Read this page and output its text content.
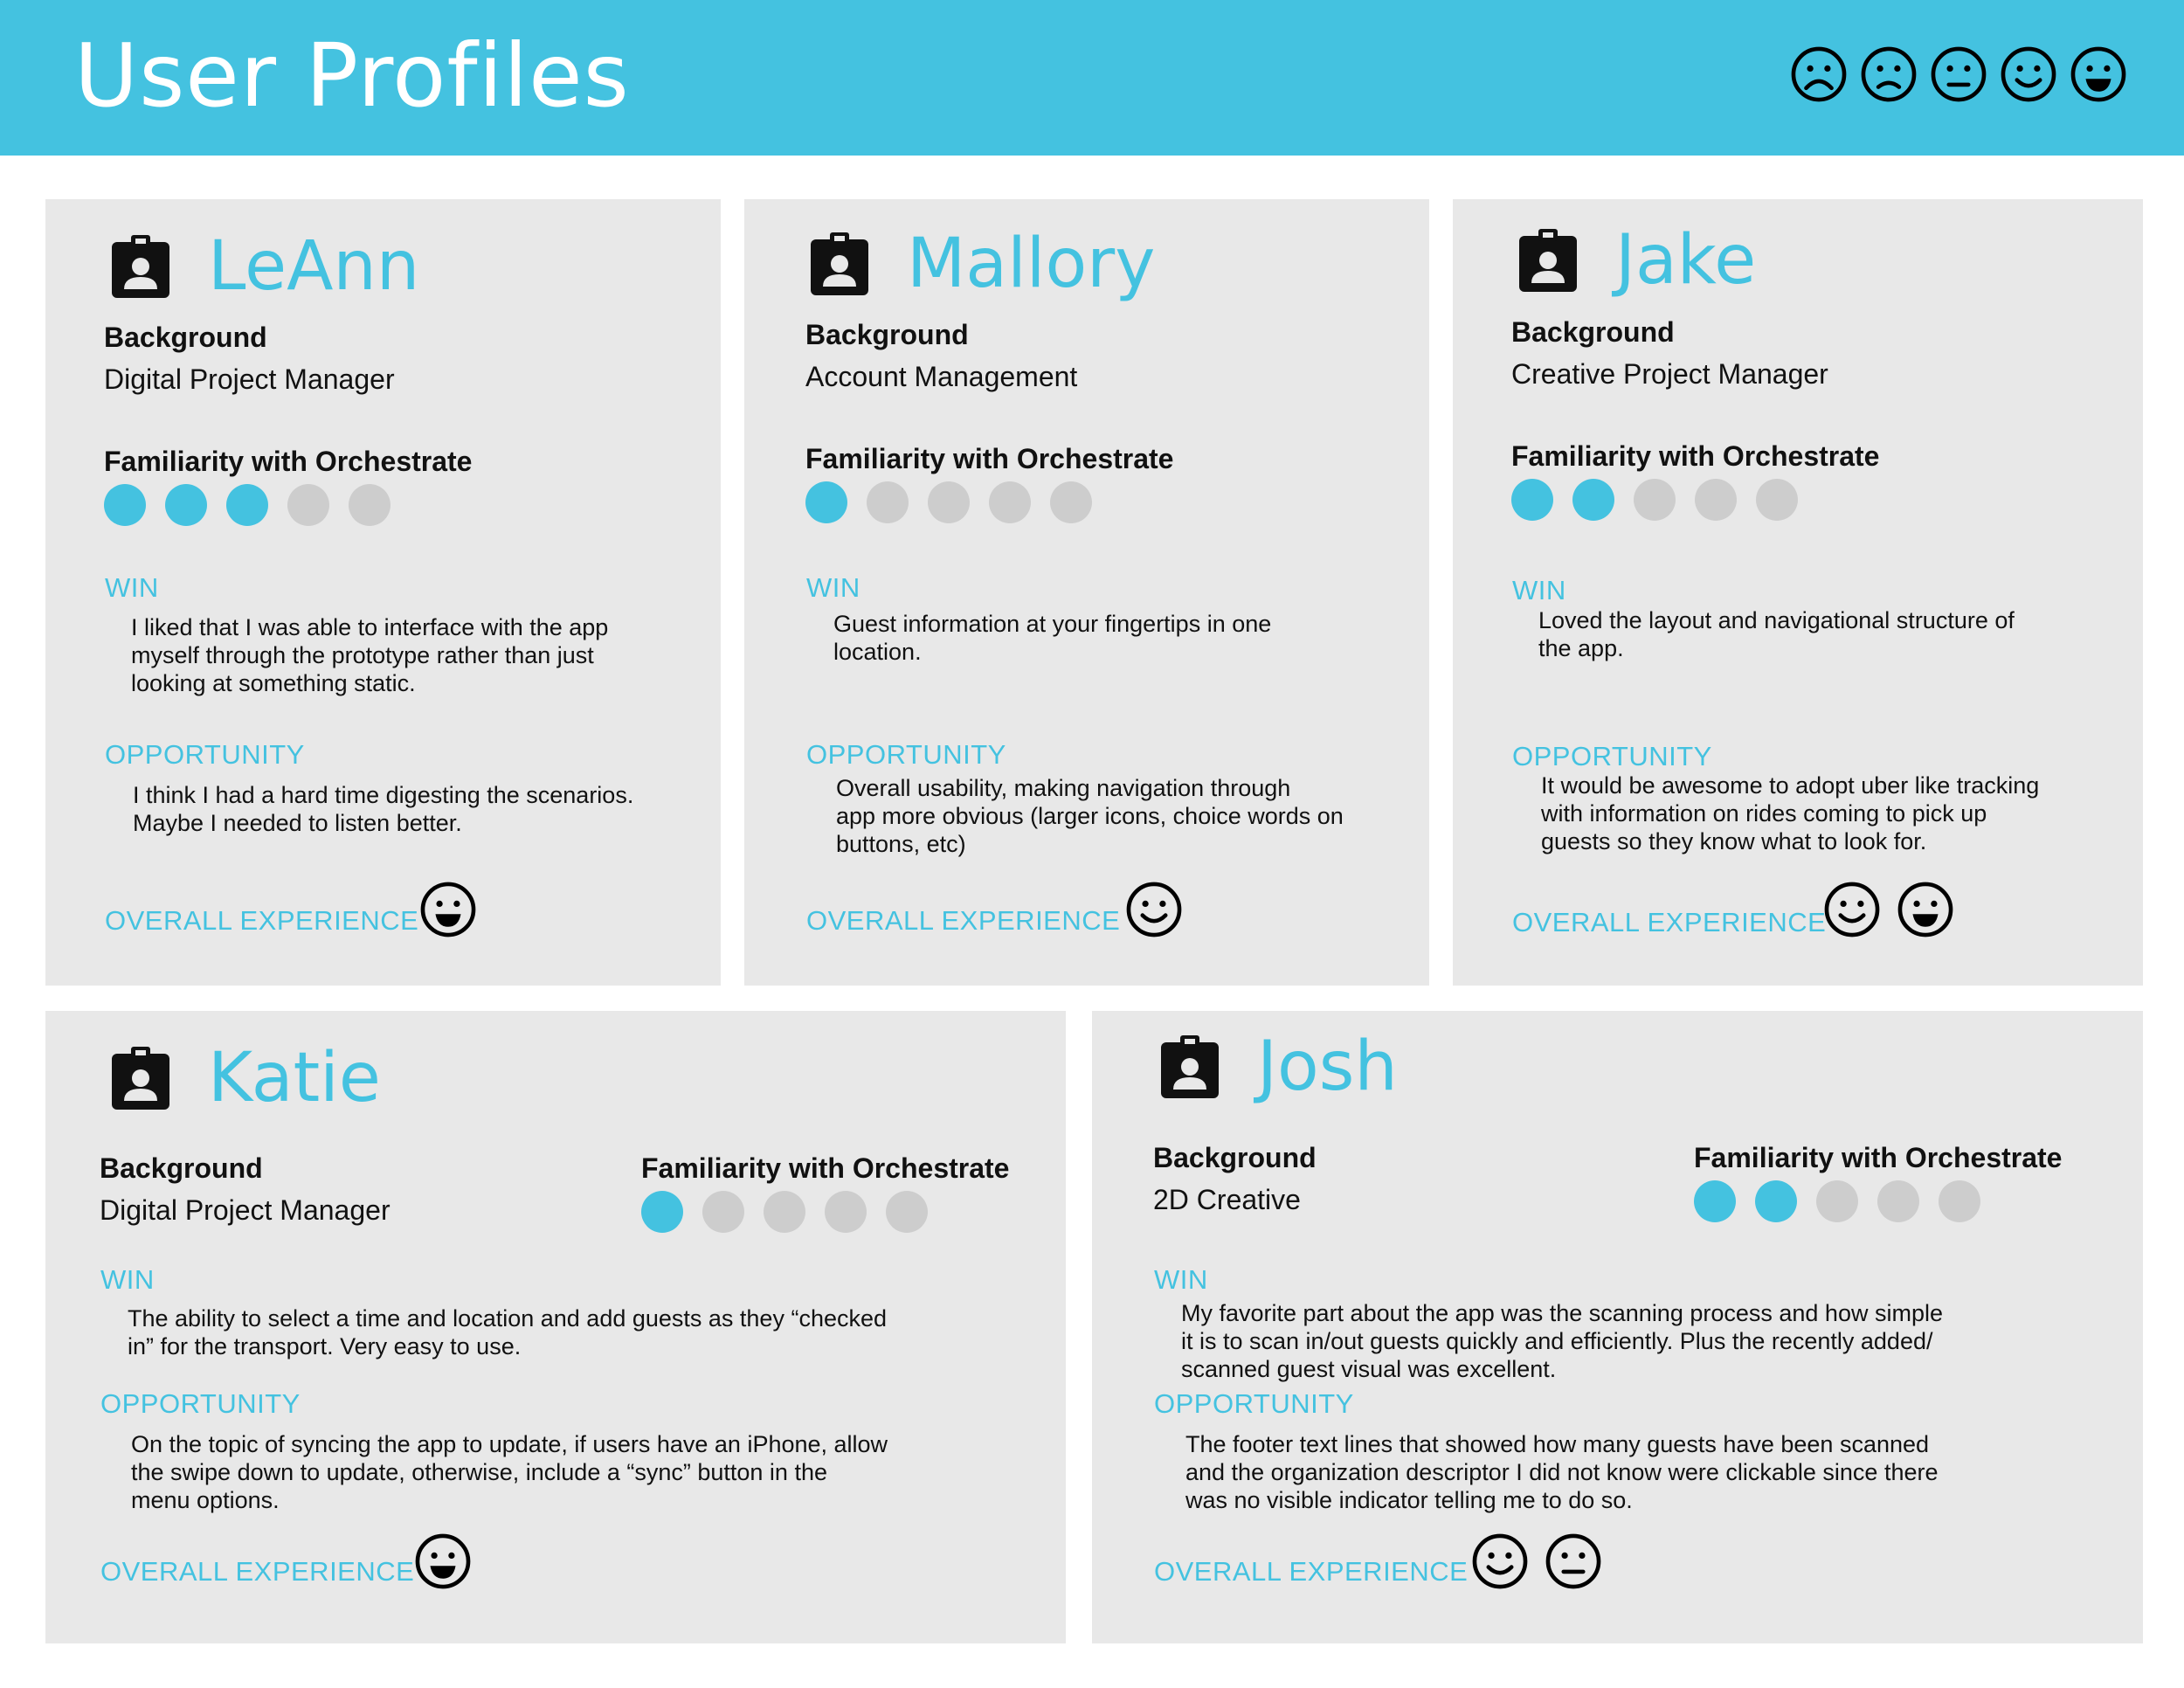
User Profiles
LeAnn
Background
Digital Project Manager
Familiarity with Orchestrate
WIN
I liked that I was able to interface with the app
myself through the prototype rather than just
looking at something static.
OPPORTUNITY
I think I had a hard time digesting the scenarios.
Maybe I needed to listen better.
OVERALL EXPERIENCE
Mallory
Background
Account Management
Familiarity with Orchestrate
WIN
Guest information at your fingertips in one
location.
OPPORTUNITY
Overall usability, making navigation through
app more obvious (larger icons, choice words on
buttons, etc)
OVERALL EXPERIENCE
Jake
Background
Creative Project Manager
Familiarity with Orchestrate
WIN
Loved the layout and navigational structure of
the app.
OPPORTUNITY
It would be awesome to adopt uber like tracking
with information on rides coming to pick up
guests so they know what to look for.
OVERALL EXPERIENCE
Katie
Background
Digital Project Manager
Familiarity with Orchestrate
WIN
The ability to select a time and location and add guests as they “checked
in” for the transport. Very easy to use.
OPPORTUNITY
On the topic of syncing the app to update, if users have an iPhone, allow
the swipe down to update, otherwise, include a “sync” button in the
menu options.
OVERALL EXPERIENCE
Josh
Background
2D Creative
Familiarity with Orchestrate
WIN
My favorite part about the app was the scanning process and how simple
it is to scan in/out guests quickly and efficiently. Plus the recently added/
scanned guest visual was excellent.
OPPORTUNITY
The footer text lines that showed how many guests have been scanned
and the organization descriptor I did not know were clickable since there
was no visible indicator telling me to do so.
OVERALL EXPERIENCE
